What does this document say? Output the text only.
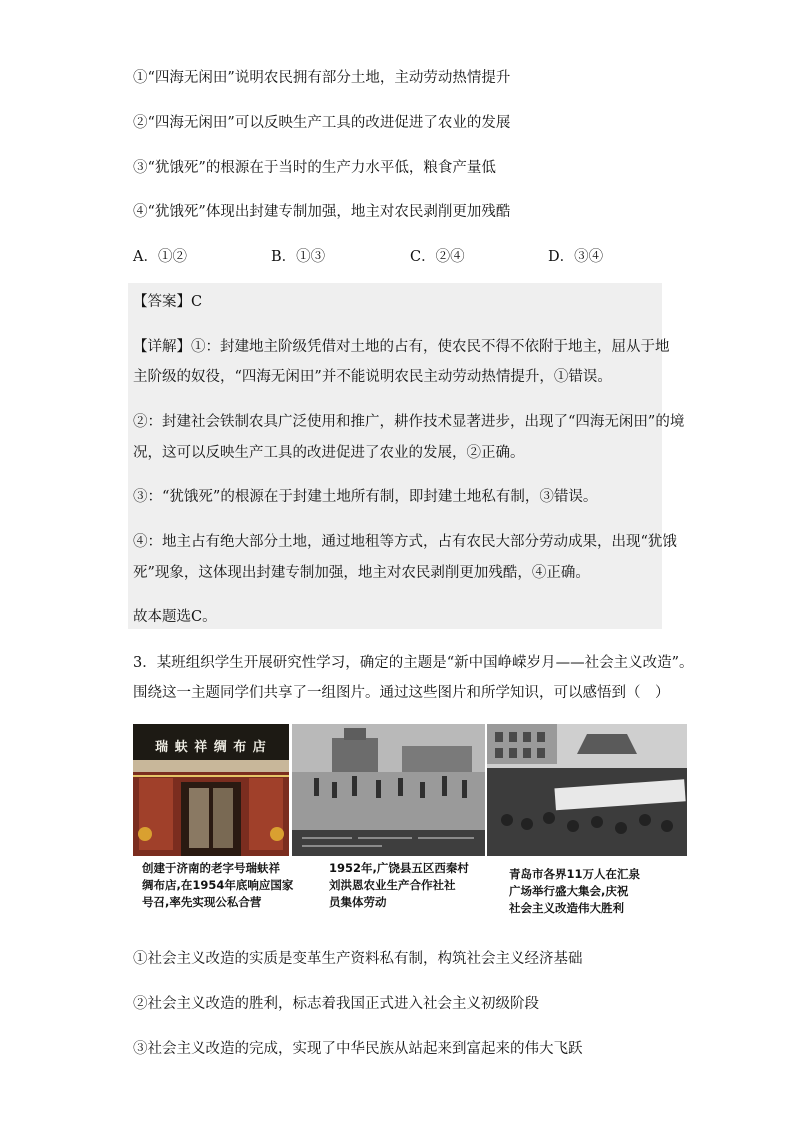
①“四海无闲田”说明农民拥有部分土地，主动劳动热情提升
②“四海无闲田”可以反映生产工具的改进促进了农业的发展
③“犹饿死”的根源在于当时的生产力水平低，粮食产量低
④“犹饿死”体现出封建专制加强，地主对农民剥削更加残酷
A．①②	B．①③	C．②④	D．③④
【答案】C
【详解】①：封建地主阶级凭借对土地的占有，使农民不得不依附于地主，屈从于地
主阶级的奴役，“四海无闲田”并不能说明农民主动劳动热情提升，①错误。
②：封建社会铁制农具广泛使用和推广，耕作技术显著进步，出现了“四海无闲田”的境
况，这可以反映生产工具的改进促进了农业的发展，②正确。
③：“犹饿死”的根源在于封建土地所有制，即封建土地私有制，③错误。
④：地主占有绝大部分土地，通过地租等方式，占有农民大部分劳动成果，出现“犹饿
死”现象，这体现出封建专制加强，地主对农民剥削更加残酷，④正确。
故本题选C。
3．某班组织学生开展研究性学习，确定的主题是“新中国峥嵘岁月——社会主义改造”。
围绕这一主题同学们共享了一组图片。通过这些图片和所学知识，可以感悟到（　）
瑞 蚨 祥 绸 布 店
创建于济南的老字号瑞蚨祥
绸布店,在1954年底响应国家
号召,率先实现公私合营
1952年,广饶县五区西秦村
刘洪恩农业生产合作社社
员集体劳动
青岛市各界11万人在汇泉
广场举行盛大集会,庆祝
社会主义改造伟大胜利
①社会主义改造的实质是变革生产资料私有制，构筑社会主义经济基础
②社会主义改造的胜利，标志着我国正式进入社会主义初级阶段
③社会主义改造的完成，实现了中华民族从站起来到富起来的伟大飞跃
